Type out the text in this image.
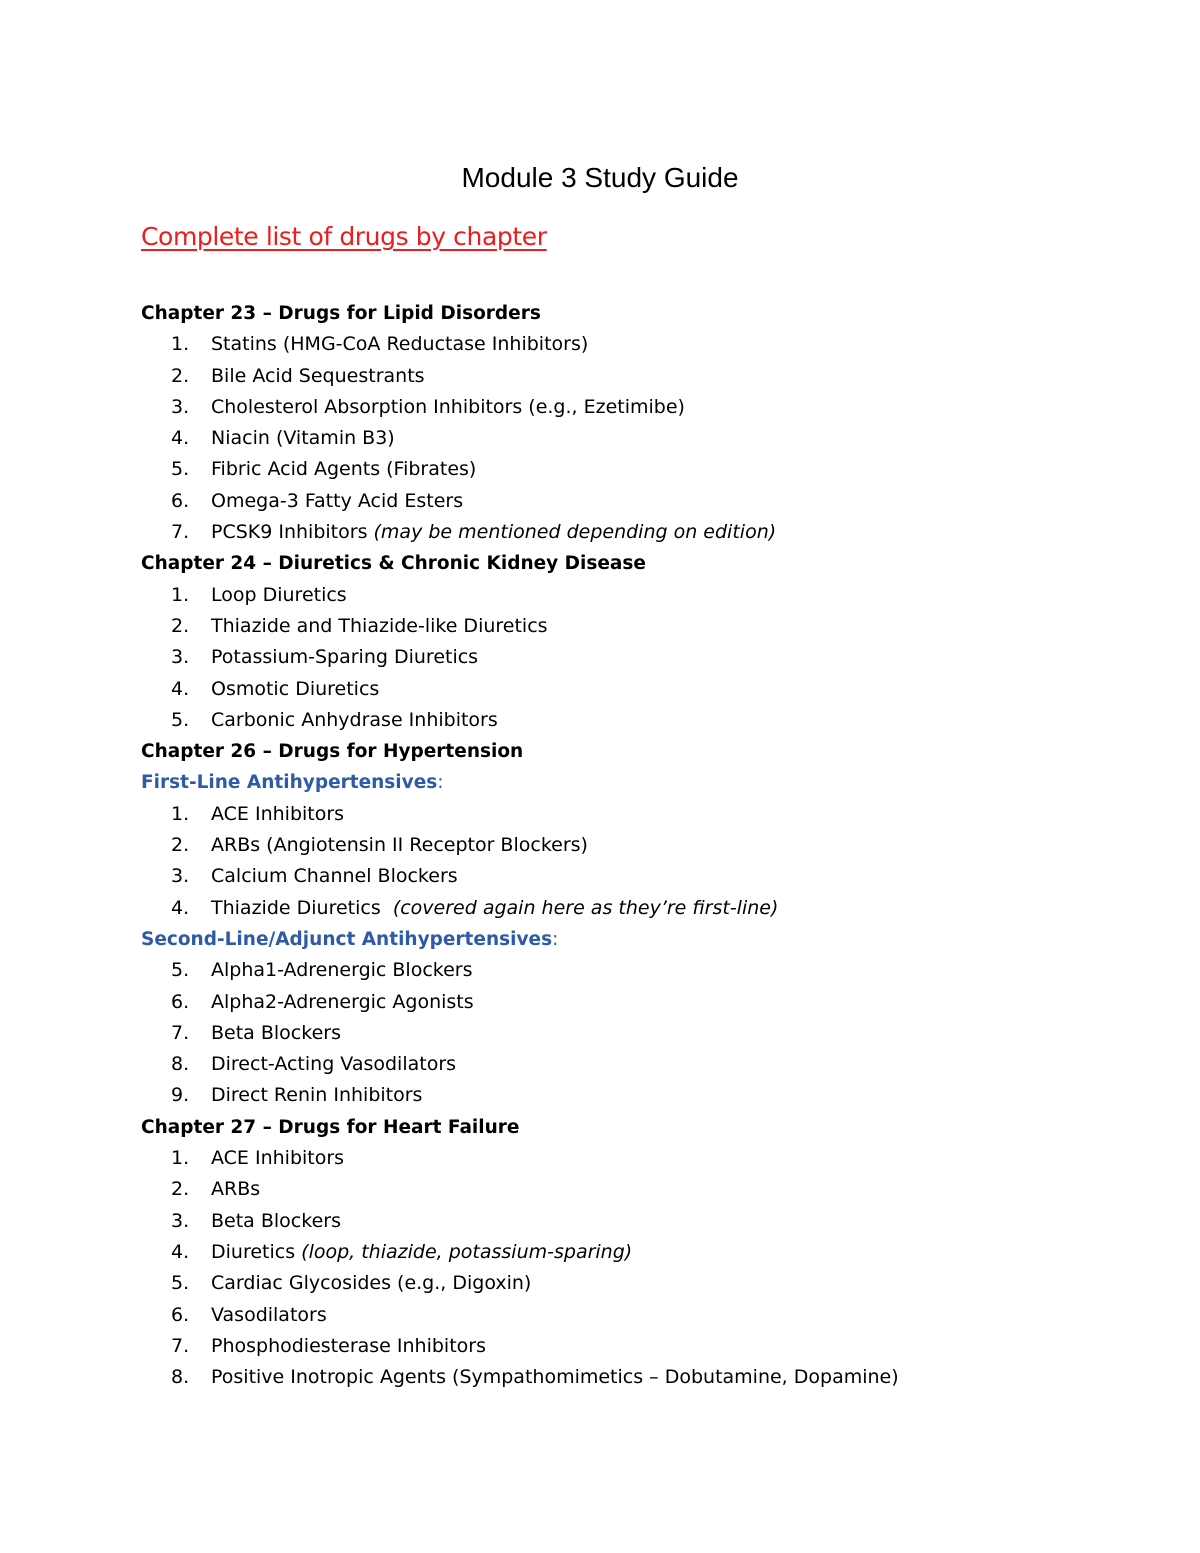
Module 3 Study Guide
Complete list of drugs by chapter
Chapter 23 – Drugs for Lipid Disorders
1. Statins (HMG-CoA Reductase Inhibitors)
2. Bile Acid Sequestrants
3. Cholesterol Absorption Inhibitors (e.g., Ezetimibe)
4. Niacin (Vitamin B3)
5. Fibric Acid Agents (Fibrates)
6. Omega-3 Fatty Acid Esters
7. PCSK9 Inhibitors (may be mentioned depending on edition)
Chapter 24 – Diuretics & Chronic Kidney Disease
1. Loop Diuretics
2. Thiazide and Thiazide-like Diuretics
3. Potassium-Sparing Diuretics
4. Osmotic Diuretics
5. Carbonic Anhydrase Inhibitors
Chapter 26 – Drugs for Hypertension
First-Line Antihypertensives:
1. ACE Inhibitors
2. ARBs (Angiotensin II Receptor Blockers)
3. Calcium Channel Blockers
4. Thiazide Diuretics  (covered again here as they’re first-line)
Second-Line/Adjunct Antihypertensives:
5. Alpha1-Adrenergic Blockers
6. Alpha2-Adrenergic Agonists
7. Beta Blockers
8. Direct-Acting Vasodilators
9. Direct Renin Inhibitors
Chapter 27 – Drugs for Heart Failure
1. ACE Inhibitors
2. ARBs
3. Beta Blockers
4. Diuretics (loop, thiazide, potassium-sparing)
5. Cardiac Glycosides (e.g., Digoxin)
6. Vasodilators
7. Phosphodiesterase Inhibitors
8. Positive Inotropic Agents (Sympathomimetics – Dobutamine, Dopamine)
